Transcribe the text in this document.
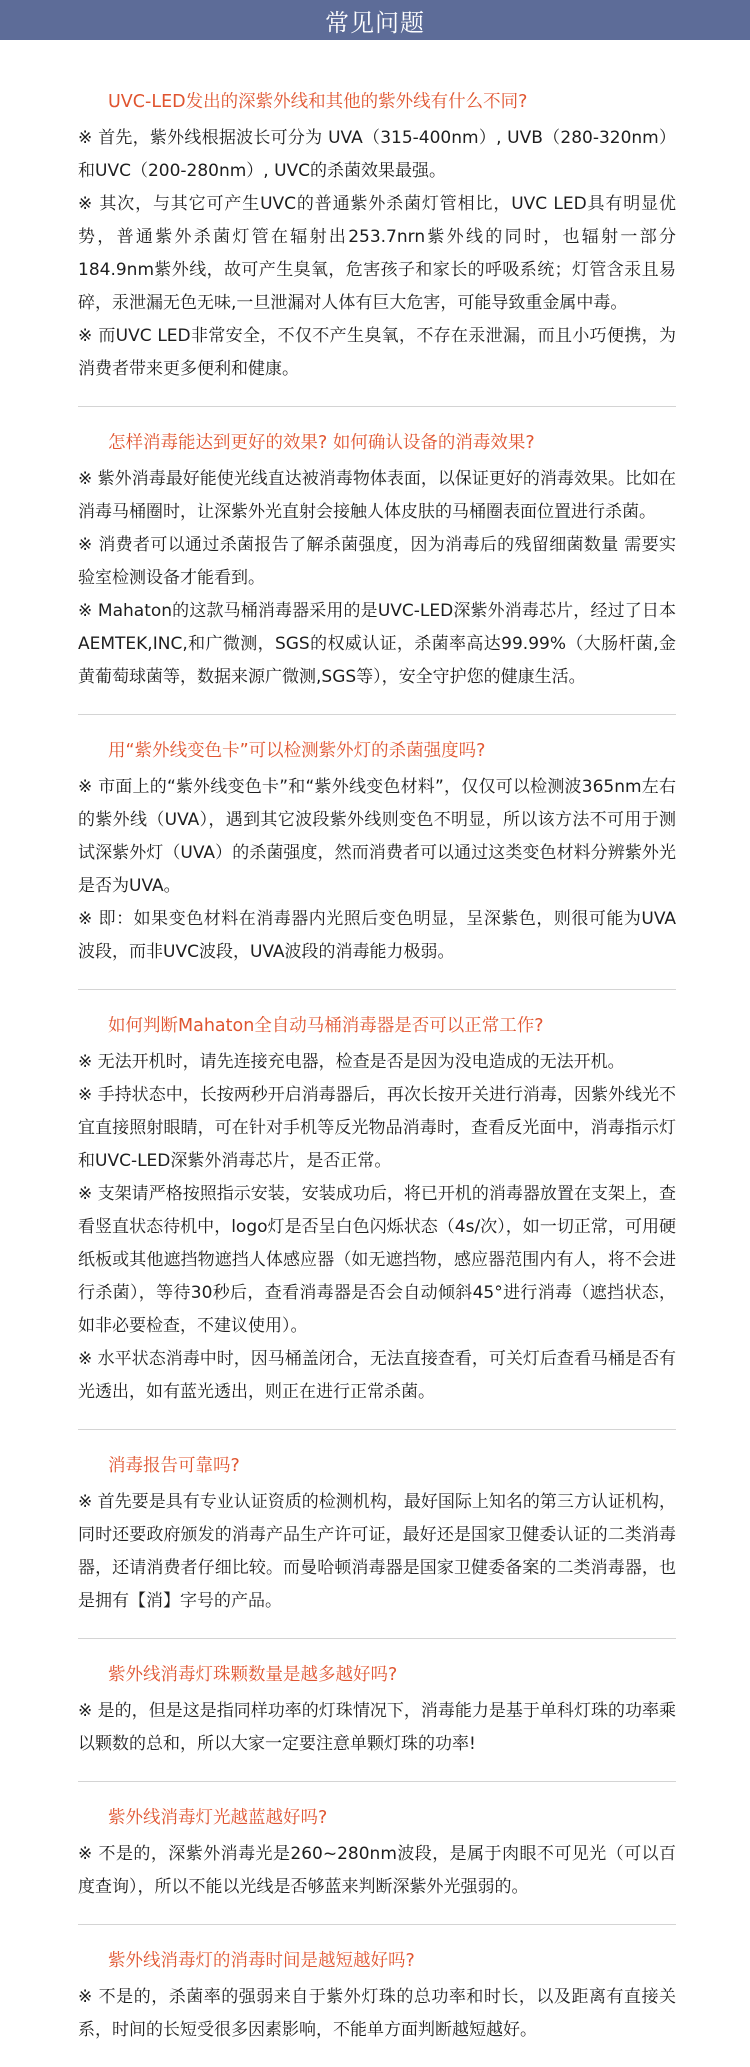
常见问题
UVC-LED发出的深紫外线和其他的紫外线有什么不同?

※ 首先，紫外线根据波长可分为 UVA（315-400nm）, UVB（280-320nm）和UVC（200-280nm）, UVC的杀菌效果最强。

※ 其次，与其它可产生UVC的普通紫外杀菌灯管相比，UVC LED具有明显优势，普通紫外杀菌灯管在辐射出253.7nrn紫外线的同时，也辐射一部分184.9nm紫外线，故可产生臭氧，危害孩子和家长的呼吸系统；灯管含汞且易碎，汞泄漏无色无味,一旦泄漏对人体有巨大危害，可能导致重金属中毒。

※ 而UVC LED非常安全，不仅不产生臭氧，不存在汞泄漏，而且小巧便携，为消费者带来更多便利和健康。

怎样消毒能达到更好的效果? 如何确认设备的消毒效果?

※ 紫外消毒最好能使光线直达被消毒物体表面，以保证更好的消毒效果。比如在消毒马桶圈时，让深紫外光直射会接触人体皮肤的马桶圈表面位置进行杀菌。

※ 消费者可以通过杀菌报告了解杀菌强度，因为消毒后的残留细菌数量 需要实验室检测设备才能看到。

※ Mahaton的这款马桶消毒器采用的是UVC-LED深紫外消毒芯片，经过了日本AEMTEK,INC,和广微测，SGS的权威认证，杀菌率高达99.99%（大肠杆菌,金黄葡萄球菌等，数据来源广微测,SGS等），安全守护您的健康生活。

用“紫外线变色卡”可以检测紫外灯的杀菌强度吗?

※ 市面上的“紫外线变色卡”和“紫外线变色材料”，仅仅可以检测波365nm左右的紫外线（UVA），遇到其它波段紫外线则变色不明显，所以该方法不可用于测试深紫外灯（UVA）的杀菌强度，然而消费者可以通过这类变色材料分辨紫外光是否为UVA。

※ 即：如果变色材料在消毒器内光照后变色明显，呈深紫色，则很可能为UVA波段，而非UVC波段，UVA波段的消毒能力极弱。

如何判断Mahaton全自动马桶消毒器是否可以正常工作?

※ 无法开机时，请先连接充电器，检查是否是因为没电造成的无法开机。

※ 手持状态中，长按两秒开启消毒器后，再次长按开关进行消毒，因紫外线光不宜直接照射眼睛，可在针对手机等反光物品消毒时，查看反光面中，消毒指示灯和UVC-LED深紫外消毒芯片，是否正常。

※ 支架请严格按照指示安装，安装成功后，将已开机的消毒器放置在支架上，查看竖直状态待机中，logo灯是否呈白色闪烁状态（4s/次），如一切正常，可用硬纸板或其他遮挡物遮挡人体感应器（如无遮挡物，感应器范围内有人，将不会进行杀菌），等待30秒后，查看消毒器是否会自动倾斜45°进行消毒（遮挡状态，如非必要检查，不建议使用）。

※ 水平状态消毒中时，因马桶盖闭合，无法直接查看，可关灯后查看马桶是否有光透出，如有蓝光透出，则正在进行正常杀菌。

消毒报告可靠吗?

※ 首先要是具有专业认证资质的检测机构，最好国际上知名的第三方认证机构，同时还要政府颁发的消毒产品生产许可证，最好还是国家卫健委认证的二类消毒器，还请消费者仔细比较。而曼哈顿消毒器是国家卫健委备案的二类消毒器，也是拥有【消】字号的产品。

紫外线消毒灯珠颗数量是越多越好吗?

※ 是的，但是这是指同样功率的灯珠情况下，消毒能力是基于单科灯珠的功率乘以颗数的总和，所以大家一定要注意单颗灯珠的功率!

紫外线消毒灯光越蓝越好吗?

※ 不是的，深紫外消毒光是260~280nm波段，是属于肉眼不可见光（可以百度查询），所以不能以光线是否够蓝来判断深紫外光强弱的。

紫外线消毒灯的消毒时间是越短越好吗?

※ 不是的，杀菌率的强弱来自于紫外灯珠的总功率和时长，以及距离有直接关系，时间的长短受很多因素影响，不能单方面判断越短越好。
